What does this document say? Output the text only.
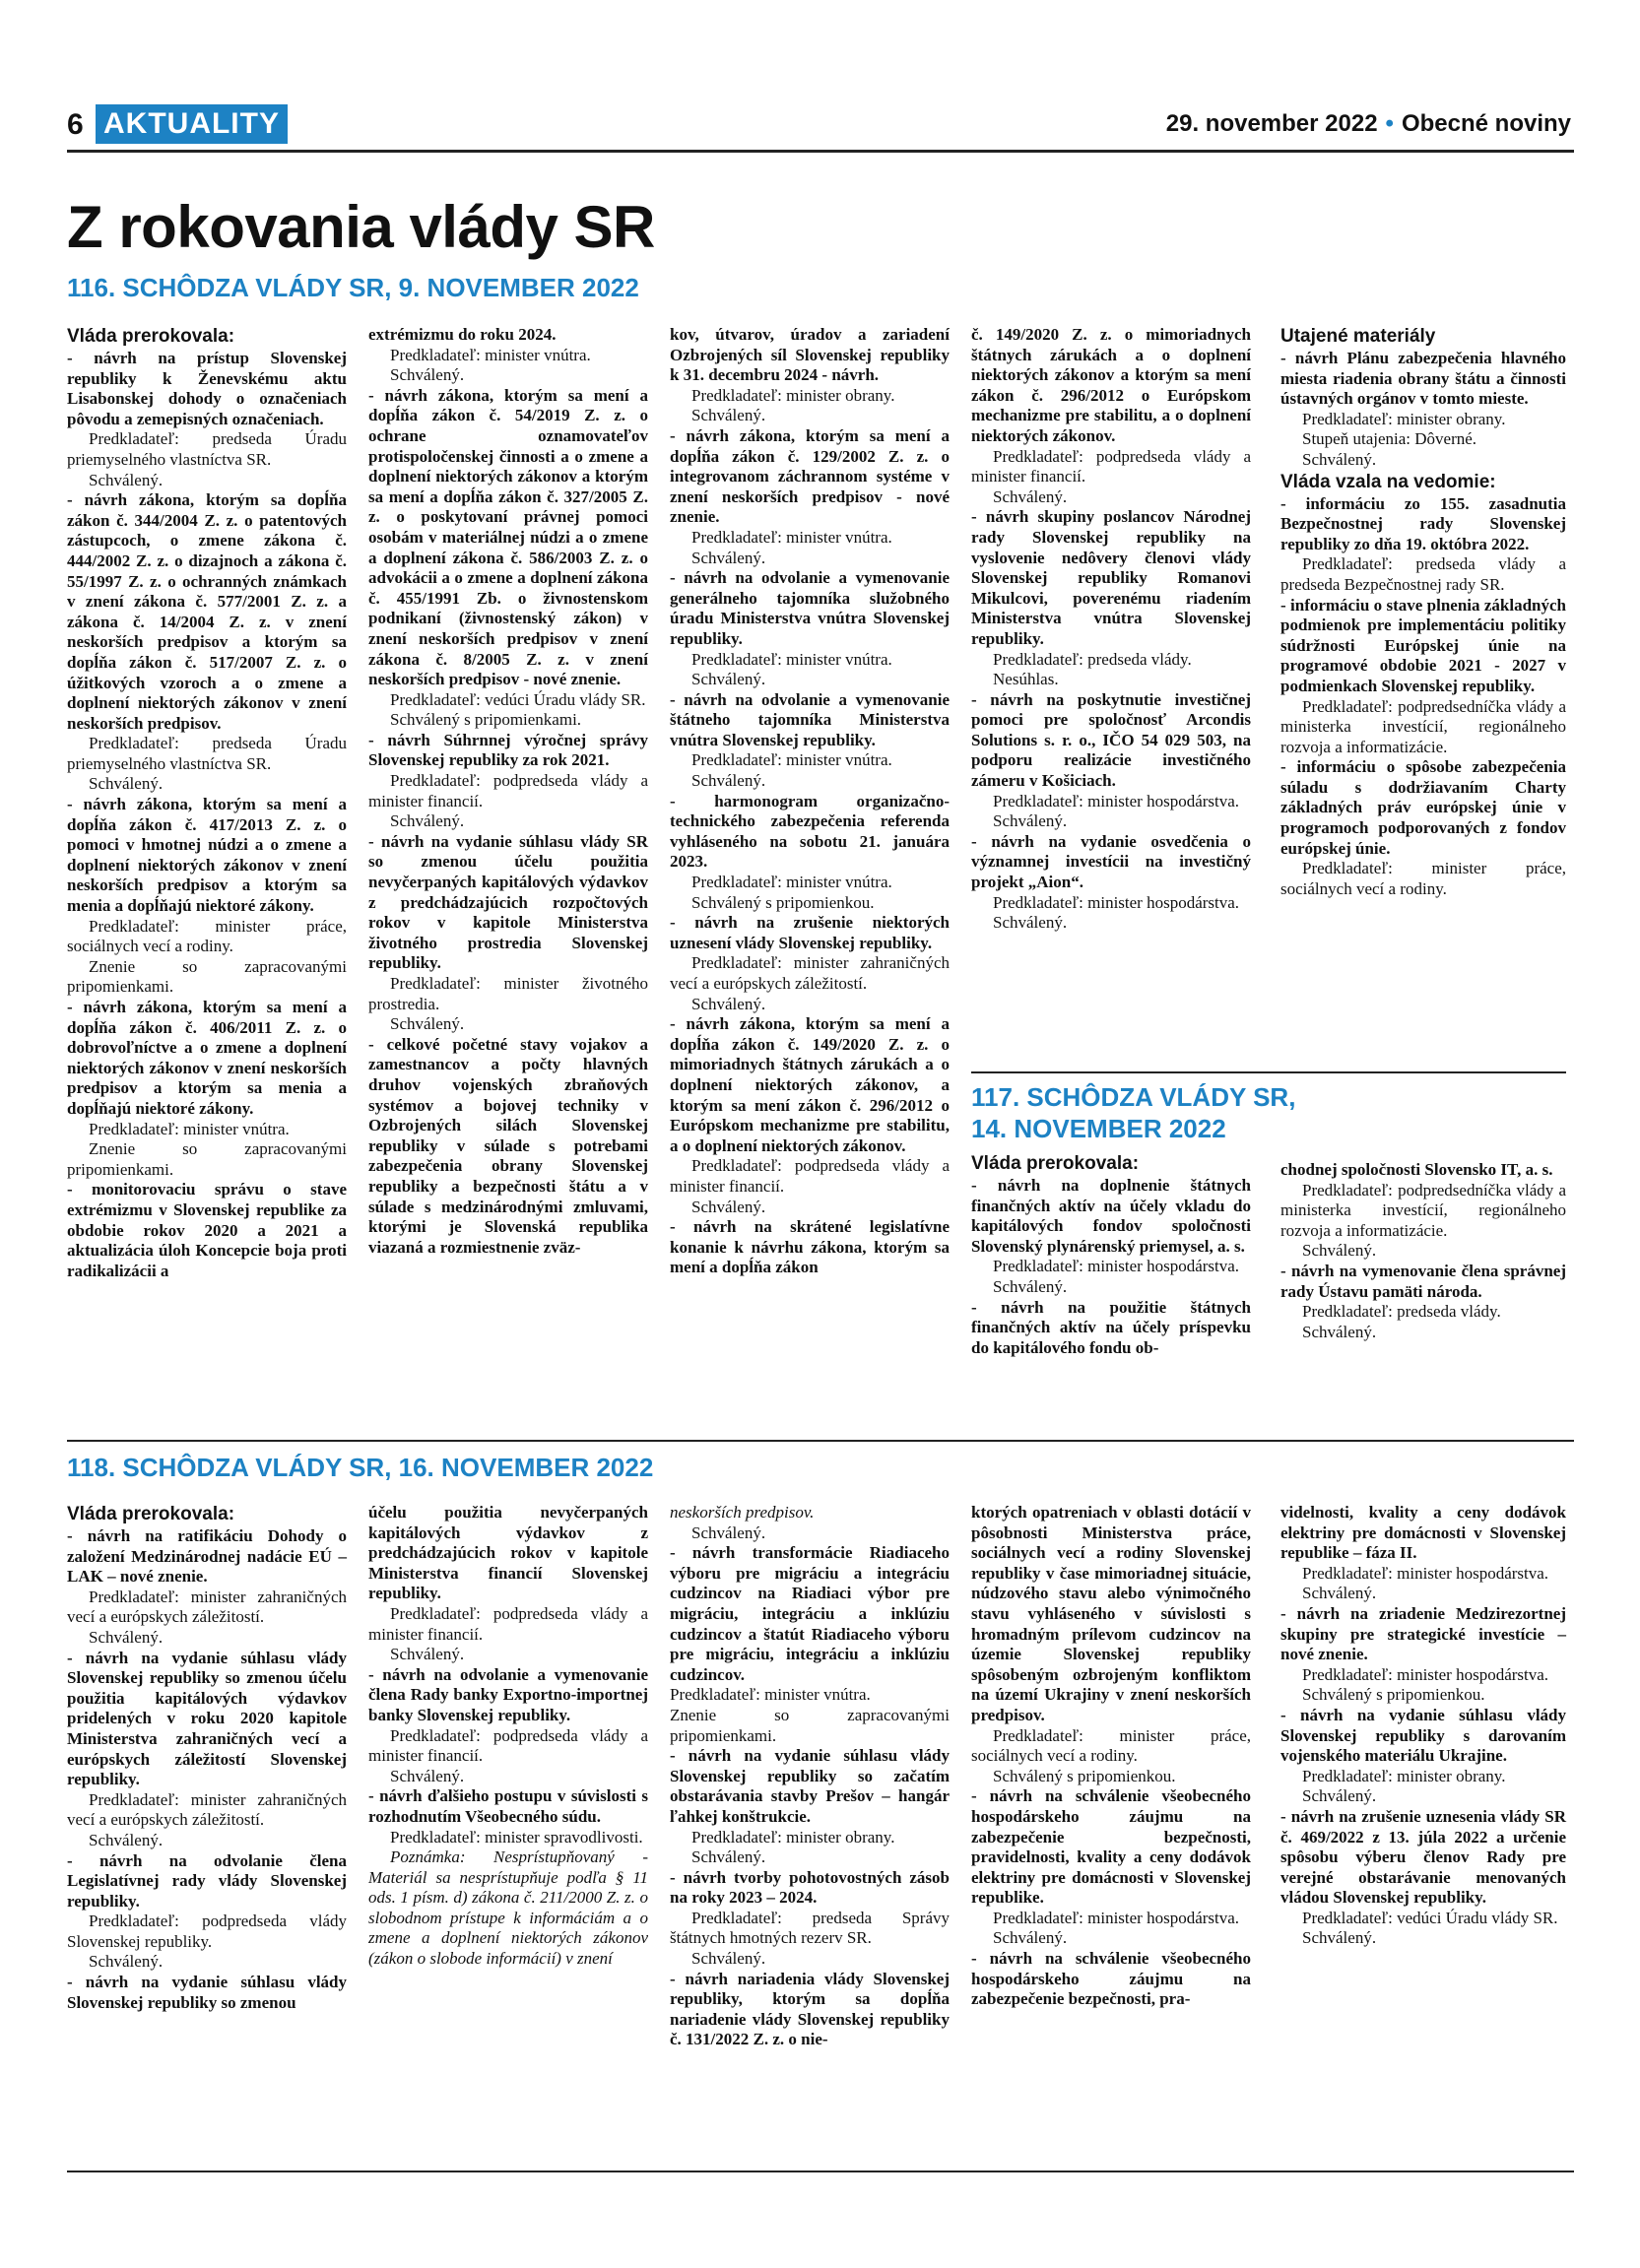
6 AKTUALITY	29. november 2022 • Obecné noviny
Z rokovania vlády SR
116. SCHÔDZA VLÁDY SR, 9. NOVEMBER 2022

Vláda prerokovala:

- návrh na prístup Slovenskej republiky k Ženevskému aktu Lisabonskej dohody o označeniach pôvodu a zemepisných označeniach.

Predkladateľ: predseda Úradu priemyselného vlastníctva SR.

Schválený.

- návrh zákona, ktorým sa dopĺňa zákon č. 344/2004 Z. z. o patentových zástupcoch, o zmene zákona č. 444/2002 Z. z. o dizajnoch a zákona č. 55/1997 Z. z. o ochranných známkach v znení zákona č. 577/2001 Z. z. a zákona č. 14/2004 Z. z. v znení neskorších predpisov a ktorým sa dopĺňa zákon č. 517/2007 Z. z. o úžitkových vzoroch a o zmene a doplnení niektorých zákonov v znení neskorších predpisov.

Predkladateľ: predseda Úradu priemyselného vlastníctva SR.

Schválený.

- návrh zákona, ktorým sa mení a dopĺňa zákon č. 417/2013 Z. z. o pomoci v hmotnej núdzi a o zmene a doplnení niektorých zákonov v znení neskorších predpisov a ktorým sa menia a dopĺňajú niektoré zákony.

Predkladateľ: minister práce, sociálnych vecí a rodiny.

Znenie so zapracovanými pripomienkami.

- návrh zákona, ktorým sa mení a dopĺňa zákon č. 406/2011 Z. z. o dobrovoľníctve a o zmene a doplnení niektorých zákonov v znení neskorších predpisov a ktorým sa menia a dopĺňajú niektoré zákony.

Predkladateľ: minister vnútra.

Znenie so zapracovanými pripomienkami.

- monitorovaciu správu o stave extrémizmu v Slovenskej republike za obdobie rokov 2020 a 2021 a aktualizácia úloh Koncepcie boja proti radikalizácii a

extrémizmu do roku 2024.

Predkladateľ: minister vnútra.

Schválený.

- návrh zákona, ktorým sa mení a dopĺňa zákon č. 54/2019 Z. z. o ochrane oznamovateľov protispoločenskej činnosti a o zmene a doplnení niektorých zákonov a ktorým sa mení a dopĺňa zákon č. 327/2005 Z. z. o poskytovaní právnej pomoci osobám v materiálnej núdzi a o zmene a doplnení zákona č. 586/2003 Z. z. o advokácii a o zmene a doplnení zákona č. 455/1991 Zb. o živnostenskom podnikaní (živnostenský zákon) v znení neskorších predpisov v znení zákona č. 8/2005 Z. z. v znení neskorších predpisov - nové znenie.

Predkladateľ: vedúci Úradu vlády SR.

Schválený s pripomienkami.

- návrh Súhrnnej výročnej správy Slovenskej republiky za rok 2021.

Predkladateľ: podpredseda vlády a minister financií.

Schválený.

- návrh na vydanie súhlasu vlády SR so zmenou účelu použitia nevyčerpaných kapitálových výdavkov z predchádzajúcich rozpočtových rokov v kapitole Ministerstva životného prostredia Slovenskej republiky.

Predkladateľ: minister životného prostredia.

Schválený.

- celkové početné stavy vojakov a zamestnancov a počty hlavných druhov vojenských zbraňových systémov a bojovej techniky v Ozbrojených silách Slovenskej republiky v súlade s potrebami zabezpečenia obrany Slovenskej republiky a bezpečnosti štátu a v súlade s medzinárodnými zmluvami, ktorými je Slovenská republika viazaná a rozmiestnenie zväz-

kov, útvarov, úradov a zariadení Ozbrojených síl Slovenskej republiky k 31. decembru 2024 - návrh.

Predkladateľ: minister obrany.

Schválený.

- návrh zákona, ktorým sa mení a dopĺňa zákon č. 129/2002 Z. z. o integrovanom záchrannom systéme v znení neskorších predpisov - nové znenie.

Predkladateľ: minister vnútra.

Schválený.

- návrh na odvolanie a vymenovanie generálneho tajomníka služobného úradu Ministerstva vnútra Slovenskej republiky.

Predkladateľ: minister vnútra.

Schválený.

- návrh na odvolanie a vymenovanie štátneho tajomníka Ministerstva vnútra Slovenskej republiky.

Predkladateľ: minister vnútra.

Schválený.

- harmonogram organizačno-technického zabezpečenia referenda vyhláseného na sobotu 21. januára 2023.

Predkladateľ: minister vnútra.

Schválený s pripomienkou.

- návrh na zrušenie niektorých uznesení vlády Slovenskej republiky.

Predkladateľ: minister zahraničných vecí a európskych záležitostí.

Schválený.

- návrh zákona, ktorým sa mení a dopĺňa zákon č. 149/2020 Z. z. o mimoriadnych štátnych zárukách a o doplnení niektorých zákonov, a ktorým sa mení zákon č. 296/2012 o Európskom mechanizme pre stabilitu, a o doplnení niektorých zákonov.

Predkladateľ: podpredseda vlády a minister financií.

Schválený.

- návrh na skrátené legislatívne konanie k návrhu zákona, ktorým sa mení a dopĺňa zákon

č. 149/2020 Z. z. o mimoriadnych štátnych zárukách a o doplnení niektorých zákonov a ktorým sa mení zákon č. 296/2012 o Európskom mechanizme pre stabilitu, a o doplnení niektorých zákonov.

Predkladateľ: podpredseda vlády a minister financií.

Schválený.

- návrh skupiny poslancov Národnej rady Slovenskej republiky na vyslovenie nedôvery členovi vlády Slovenskej republiky Romanovi Mikulcovi, poverenému riadením Ministerstva vnútra Slovenskej republiky.

Predkladateľ: predseda vlády.

Nesúhlas.

- návrh na poskytnutie investičnej pomoci pre spoločnosť Arcondis Solutions s. r. o., IČO 54 029 503, na podporu realizácie investičného zámeru v Košiciach.

Predkladateľ: minister hospodárstva.

Schválený.

- návrh na vydanie osvedčenia o významnej investícii na investičný projekt „Aion“.

Predkladateľ: minister hospodárstva.

Schválený.

Utajené materiály

- návrh Plánu zabezpečenia hlavného miesta riadenia obrany štátu a činnosti ústavných orgánov v tomto mieste.

Predkladateľ: minister obrany.

Stupeň utajenia: Dôverné.

Schválený.

Vláda vzala na vedomie:

- informáciu zo 155. zasadnutia Bezpečnostnej rady Slovenskej republiky zo dňa 19. októbra 2022.

Predkladateľ: predseda vlády a predseda Bezpečnostnej rady SR.

- informáciu o stave plnenia základných podmienok pre implementáciu politiky súdržnosti Európskej únie na programové obdobie 2021 - 2027 v podmienkach Slovenskej republiky.

Predkladateľ: podpredsedníčka vlády a ministerka investícií, regionálneho rozvoja a informatizácie.

- informáciu o spôsobe zabezpečenia súladu s dodržiavaním Charty základných práv európskej únie v programoch podporovaných z fondov európskej únie.

Predkladateľ: minister práce, sociálnych vecí a rodiny.

117. SCHÔDZA VLÁDY SR,
14. NOVEMBER 2022

Vláda prerokovala:

- návrh na doplnenie štátnych finančných aktív na účely vkladu do kapitálových fondov spoločnosti Slovenský plynárenský priemysel, a. s.

Predkladateľ: minister hospodárstva.

Schválený.

- návrh na použitie štátnych finančných aktív na účely príspevku do kapitálového fondu ob-

chodnej spoločnosti Slovensko IT, a. s.

Predkladateľ: podpredsedníčka vlády a ministerka investícií, regionálneho rozvoja a informatizácie.

Schválený.

- návrh na vymenovanie člena správnej rady Ústavu pamäti národa.

Predkladateľ: predseda vlády.

Schválený.

118. SCHÔDZA VLÁDY SR, 16. NOVEMBER 2022

Vláda prerokovala:

- návrh na ratifikáciu Dohody o založení Medzinárodnej nadácie EÚ – LAK – nové znenie.

Predkladateľ: minister zahraničných vecí a európskych záležitostí.

Schválený.

- návrh na vydanie súhlasu vlády Slovenskej republiky so zmenou účelu použitia kapitálových výdavkov pridelených v roku 2020 kapitole Ministerstva zahraničných vecí a európskych záležitostí Slovenskej republiky.

Predkladateľ: minister zahraničných vecí a európskych záležitostí.

Schválený.

- návrh na odvolanie člena Legislatívnej rady vlády Slovenskej republiky.

Predkladateľ: podpredseda vlády Slovenskej republiky.

Schválený.

- návrh na vydanie súhlasu vlády Slovenskej republiky so zmenou

účelu použitia nevyčerpaných kapitálových výdavkov z predchádzajúcich rokov v kapitole Ministerstva financií Slovenskej republiky.

Predkladateľ: podpredseda vlády a minister financií.

Schválený.

- návrh na odvolanie a vymenovanie člena Rady banky Exportno-importnej banky Slovenskej republiky.

Predkladateľ: podpredseda vlády a minister financií.

Schválený.

- návrh ďalšieho postupu v súvislosti s rozhodnutím Všeobecného súdu.

Predkladateľ: minister spravodlivosti.

Poznámka: Nesprístupňovaný - Materiál sa nesprístupňuje podľa § 11 ods. 1 písm. d) zákona č. 211/2000 Z. z. o slobodnom prístupe k informáciám a o zmene a doplnení niektorých zákonov (zákon o slobode informácií) v znení

neskorších predpisov.

Schválený.

- návrh transformácie Riadiaceho výboru pre migráciu a integráciu cudzincov na Riadiaci výbor pre migráciu, integráciu a inklúziu cudzincov a štatút Riadiaceho výboru pre migráciu, integráciu a inklúziu cudzincov.

Predkladateľ: minister vnútra.

Znenie so zapracovanými pripomienkami.

- návrh na vydanie súhlasu vlády Slovenskej republiky so začatím obstarávania stavby Prešov – hangár ľahkej konštrukcie.

Predkladateľ: minister obrany.

Schválený.

- návrh tvorby pohotovostných zásob na roky 2023 – 2024.

Predkladateľ: predseda Správy štátnych hmotných rezerv SR.

Schválený.

- návrh nariadenia vlády Slovenskej republiky, ktorým sa dopĺňa nariadenie vlády Slovenskej republiky č. 131/2022 Z. z. o nie-

ktorých opatreniach v oblasti dotácií v pôsobnosti Ministerstva práce, sociálnych vecí a rodiny Slovenskej republiky v čase mimoriadnej situácie, núdzového stavu alebo výnimočného stavu vyhláseného v súvislosti s hromadným prílevom cudzincov na územie Slovenskej republiky spôsobeným ozbrojeným konfliktom na území Ukrajiny v znení neskorších predpisov.

Predkladateľ: minister práce, sociálnych vecí a rodiny.

Schválený s pripomienkou.

- návrh na schválenie všeobecného hospodárskeho záujmu na zabezpečenie bezpečnosti, pravidelnosti, kvality a ceny dodávok elektriny pre domácnosti v Slovenskej republike.

Predkladateľ: minister hospodárstva.

Schválený.

- návrh na schválenie všeobecného hospodárskeho záujmu na zabezpečenie bezpečnosti, pra-

videlnosti, kvality a ceny dodávok elektriny pre domácnosti v Slovenskej republike – fáza II.

Predkladateľ: minister hospodárstva.

Schválený.

- návrh na zriadenie Medzirezortnej skupiny pre strategické investície – nové znenie.

Predkladateľ: minister hospodárstva.

Schválený s pripomienkou.

- návrh na vydanie súhlasu vlády Slovenskej republiky s darovaním vojenského materiálu Ukrajine.

Predkladateľ: minister obrany.

Schválený.

- návrh na zrušenie uznesenia vlády SR č. 469/2022 z 13. júla 2022 a určenie spôsobu výberu členov Rady pre verejné obstarávanie menovaných vládou Slovenskej republiky.

Predkladateľ: vedúci Úradu vlády SR.

Schválený.
